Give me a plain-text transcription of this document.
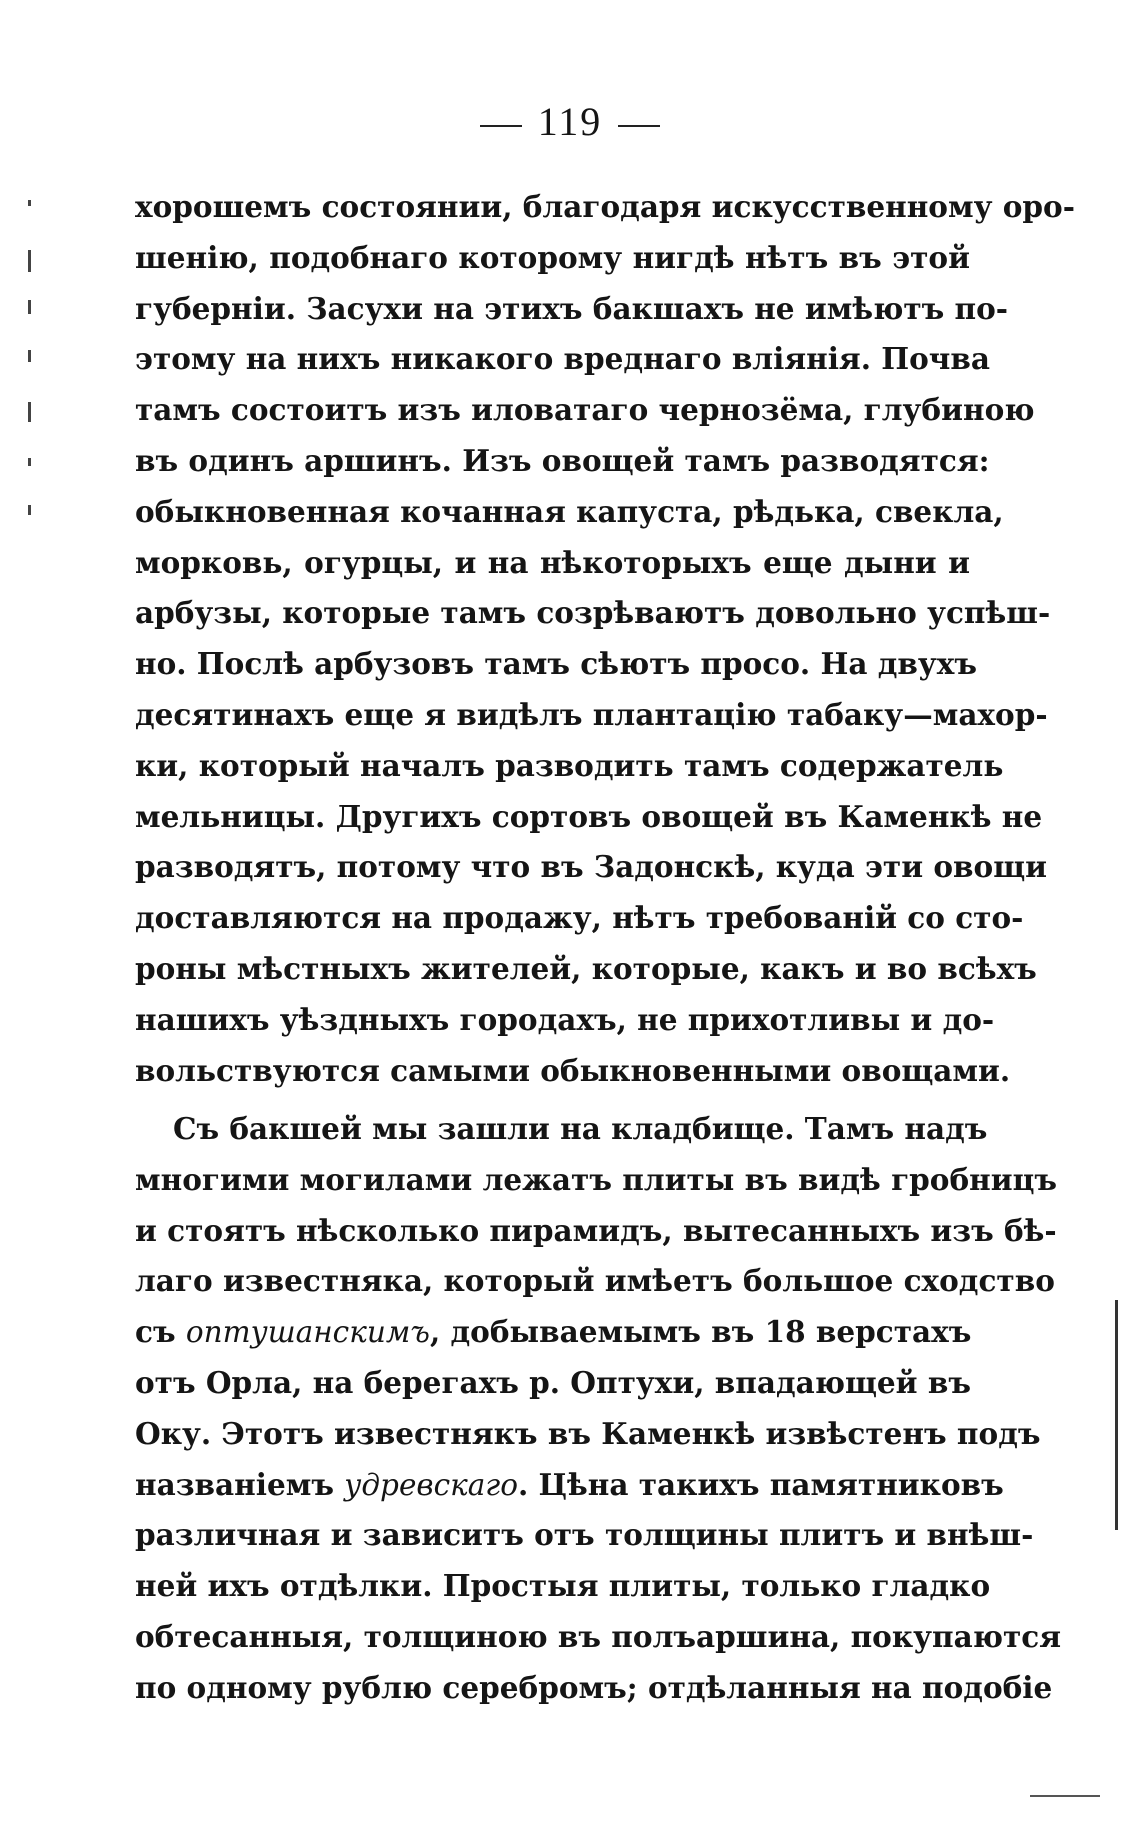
119
хорошемъ состоянии, благодаря искусственному оро-
шенію, подобнаго которому нигдѣ нѣтъ въ этой
губерніи. Засухи на этихъ бакшахъ не имѣютъ по-
этому на нихъ никакого вреднаго вліянія. Почва
тамъ состоитъ изъ иловатаго чернозёма, глубиною
въ одинъ аршинъ. Изъ овощей тамъ разводятся:
обыкновенная кочанная капуста, рѣдька, свекла,
морковь, огурцы, и на нѣкоторыхъ еще дыни и
арбузы, которые тамъ созрѣваютъ довольно успѣш-
но. Послѣ арбузовъ тамъ сѣютъ просо. На двухъ
десятинахъ еще я видѣлъ плантацію табаку—махор-
ки, который началъ разводить тамъ содержатель
мельницы. Другихъ сортовъ овощей въ Каменкѣ не
разводятъ, потому что въ Задонскѣ, куда эти овощи
доставляются на продажу, нѣтъ требованій со сто-
роны мѣстныхъ жителей, которые, какъ и во всѣхъ
нашихъ уѣздныхъ городахъ, не прихотливы и до-
вольствуются самыми обыкновенными овощами.
Съ бакшей мы зашли на кладбище. Тамъ надъ
многими могилами лежатъ плиты въ видѣ гробницъ
и стоятъ нѣсколько пирамидъ, вытесанныхъ изъ бѣ-
лаго известняка, который имѣетъ большое сходство
съ оптушанскимъ, добываемымъ въ 18 верстахъ
отъ Орла, на берегахъ р. Оптухи, впадающей въ
Оку. Этотъ известнякъ въ Каменкѣ извѣстенъ подъ
названіемъ удревскаго. Цѣна такихъ памятниковъ
различная и зависитъ отъ толщины плитъ и внѣш-
ней ихъ отдѣлки. Простыя плиты, только гладко
обтесанныя, толщиною въ полъаршина, покупаются
по одному рублю серебромъ; отдѣланныя на подобіе
